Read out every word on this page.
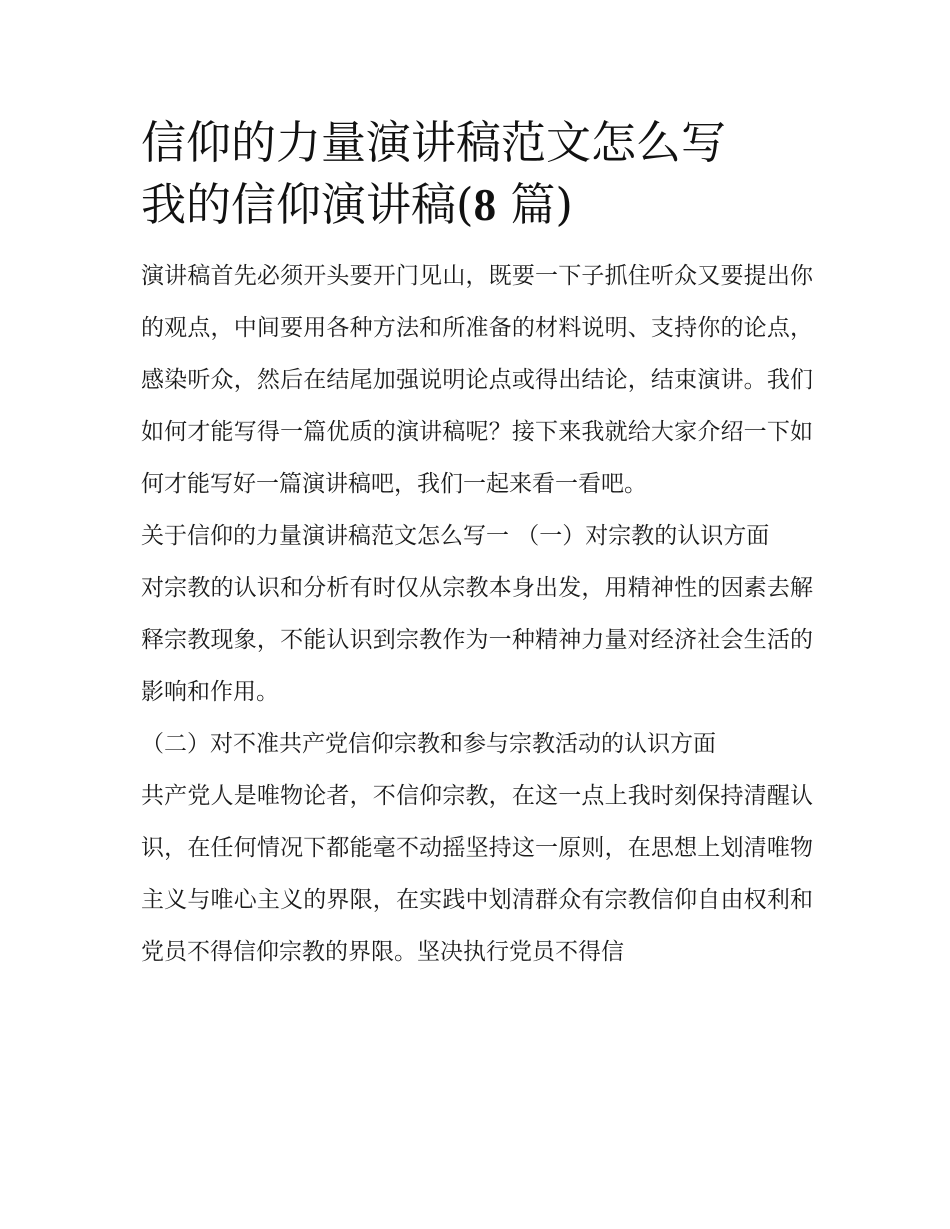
信仰的力量演讲稿范文怎么写
我的信仰演讲稿(8 篇)

演讲稿首先必须开头要开门见山，既要一下子抓住听众又要提出你的观点，中间要用各种方法和所准备的材料说明、支持你的论点，感染听众，然后在结尾加强说明论点或得出结论，结束演讲。我们如何才能写得一篇优质的演讲稿呢？接下来我就给大家介绍一下如何才能写好一篇演讲稿吧，我们一起来看一看吧。

关于信仰的力量演讲稿范文怎么写一 （一）对宗教的认识方面

对宗教的认识和分析有时仅从宗教本身出发，用精神性的因素去解释宗教现象，不能认识到宗教作为一种精神力量对经济社会生活的影响和作用。

（二）对不准共产党信仰宗教和参与宗教活动的认识方面

共产党人是唯物论者，不信仰宗教，在这一点上我时刻保持清醒认识，在任何情况下都能毫不动摇坚持这一原则，在思想上划清唯物主义与唯心主义的界限，在实践中划清群众有宗教信仰自由权利和党员不得信仰宗教的界限。坚决执行党员不得信
